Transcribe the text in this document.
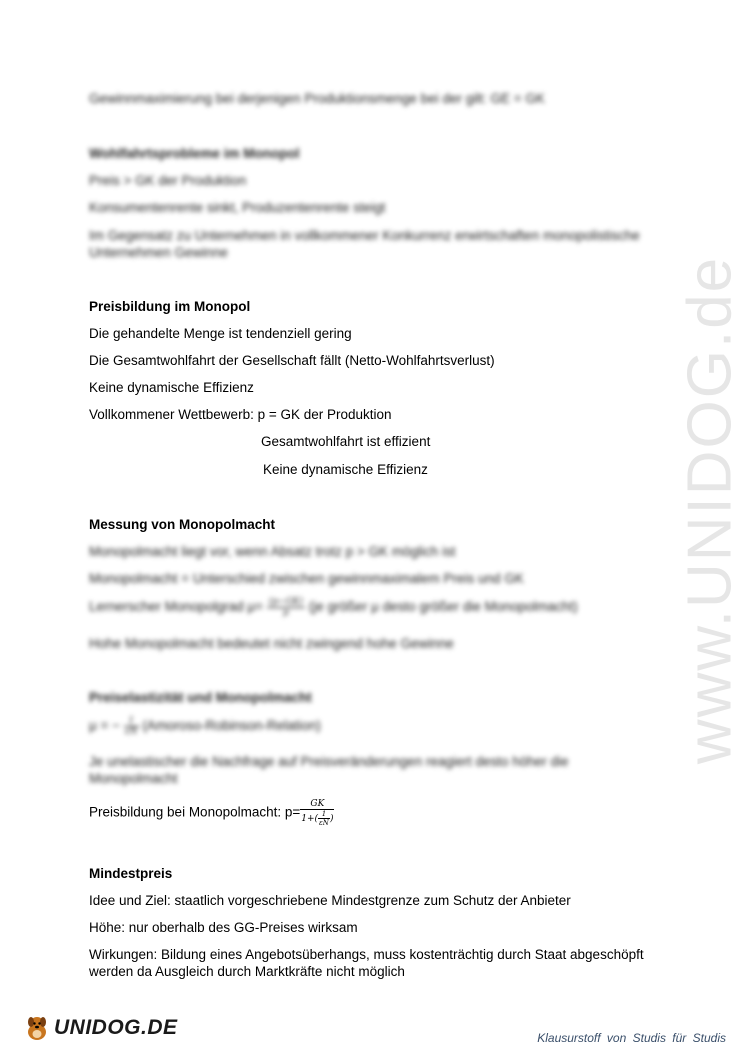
www.UNIDOG.de
Gewinnmaximierung bei derjenigen Produktionsmenge bei der gilt: GE = GK
Wohlfahrtsprobleme im Monopol
Preis > GK der Produktion
Konsumentenrente sinkt, Produzentenrente steigt
Im Gegensatz zu Unternehmen in vollkommener Konkurrenz erwirtschaften monopolistische
Unternehmen Gewinne
Preisbildung im Monopol
Die gehandelte Menge ist tendenziell gering
Die Gesamtwohlfahrt der Gesellschaft fällt (Netto-Wohlfahrtsverlust)
Keine dynamische Effizienz
Vollkommener Wettbewerb: p = GK der Produktion
Gesamtwohlfahrt ist effizient
Keine dynamische Effizienz
Messung von Monopolmacht
Monopolmacht liegt vor, wenn Absatz trotz p > GK möglich ist
Monopolmacht = Unterschied zwischen gewinnmaximalem Preis und GK
Lernerscher Monopolgrad $\mu= \frac{(p-GK)}{p} (je$ größer μ desto größer die Monopolmacht)
Hohe Monopolmacht bedeutet nicht zwingend hohe Gewinne
Preiselastizität und Monopolmacht
μ = − $\frac{1}{\varepsilon N}$ (Amoroso-Robinson-Relation)
Je unelastischer die Nachfrage auf Preisveränderungen reagiert desto höher die
Monopolmacht
Preisbildung bei Monopolmacht: $p= \frac{GK}{1+( \frac{1}{\varepsilon N} )}$
Mindestpreis
Idee und Ziel: staatlich vorgeschriebene Mindestgrenze zum Schutz der Anbieter
Höhe: nur oberhalb des GG-Preises wirksam
Wirkungen: Bildung eines Angebotsüberhangs, muss kostenträchtig durch Staat abgeschöpft
werden da Ausgleich durch Marktkräfte nicht möglich
UNIDOG.DE	Klausurstoff von Studis für Studis
